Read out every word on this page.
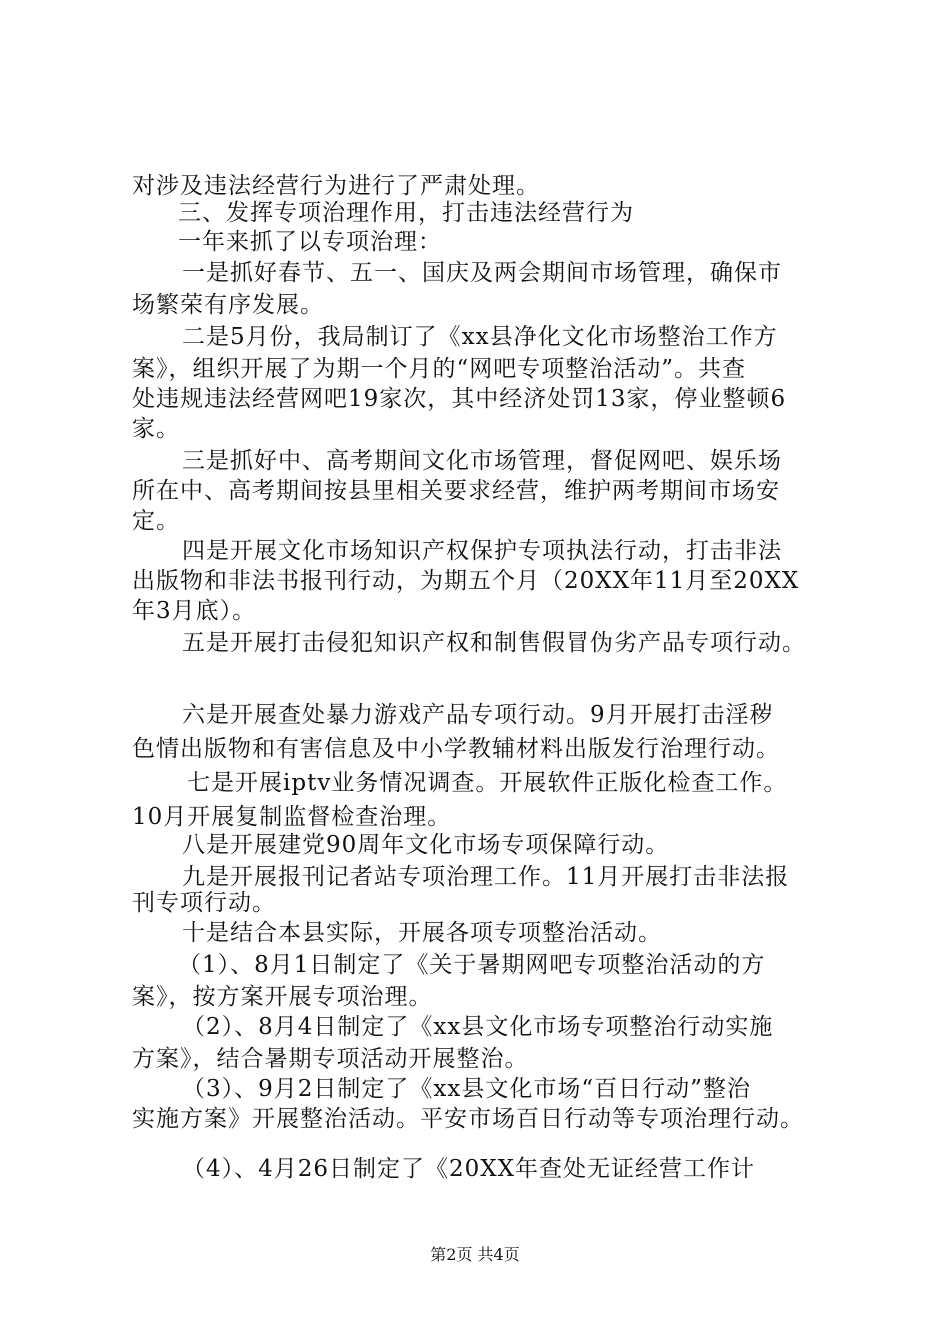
对涉及违法经营行为进行了严肃处理。
三、发挥专项治理作用，打击违法经营行为
一年来抓了以专项治理：
一是抓好春节、五一、国庆及两会期间市场管理，确保市
场繁荣有序发展。
二是5月份，我局制订了《xx县净化文化市场整治工作方
案》，组织开展了为期一个月的“网吧专项整治活动”。共查
处违规违法经营网吧19家次，其中经济处罚13家，停业整顿6
家。
三是抓好中、高考期间文化市场管理，督促网吧、娱乐场
所在中、高考期间按县里相关要求经营，维护两考期间市场安
定。
四是开展文化市场知识产权保护专项执法行动，打击非法
出版物和非法书报刊行动，为期五个月（20XX年11月至20XX
年3月底）。
五是开展打击侵犯知识产权和制售假冒伪劣产品专项行动。
六是开展查处暴力游戏产品专项行动。9月开展打击淫秽
色情出版物和有害信息及中小学教辅材料出版发行治理行动。
七是开展iptv业务情况调查。开展软件正版化检查工作。
10月开展复制监督检查治理。
八是开展建党90周年文化市场专项保障行动。
九是开展报刊记者站专项治理工作。11月开展打击非法报
刊专项行动。
十是结合本县实际，开展各项专项整治活动。
（1）、8月1日制定了《关于暑期网吧专项整治活动的方
案》，按方案开展专项治理。
（2）、8月4日制定了《xx县文化市场专项整治行动实施
方案》，结合暑期专项活动开展整治。
（3）、9月2日制定了《xx县文化市场“百日行动”整治
实施方案》开展整治活动。平安市场百日行动等专项治理行动。
（4）、4月26日制定了《20XX年查处无证经营工作计
第2页 共4页
